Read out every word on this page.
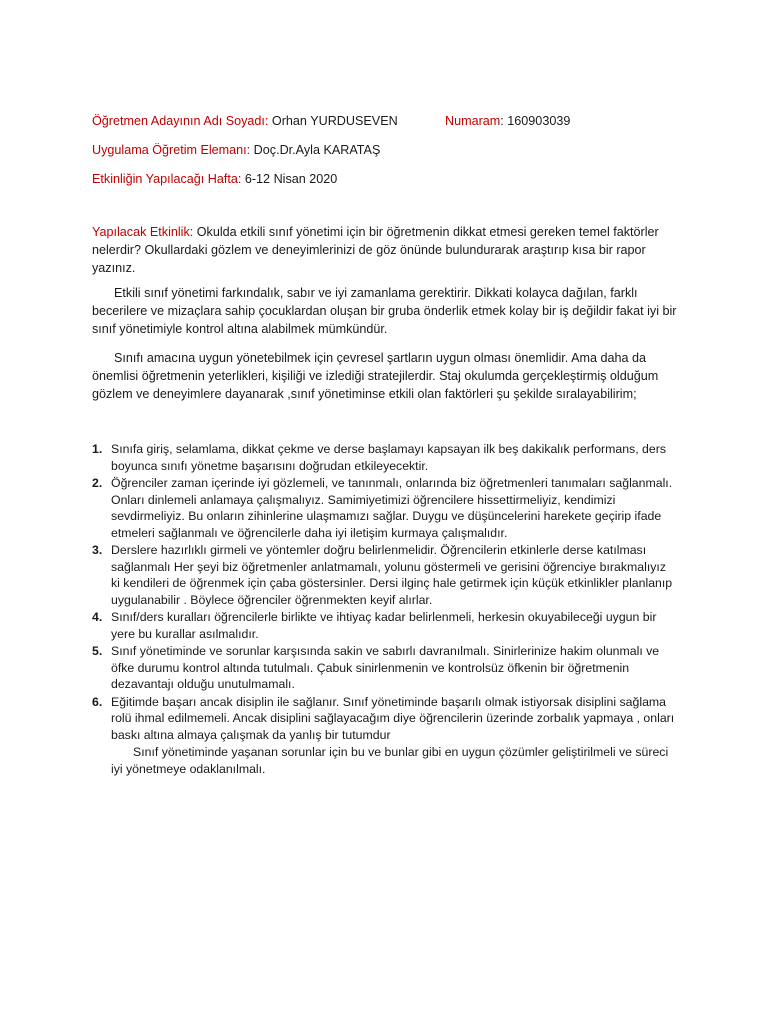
Öğretmen Adayının Adı Soyadı: Orhan YURDUSEVEN	Numaram: 160903039
Uygulama Öğretim Elemanı: Doç.Dr.Ayla KARATAŞ
Etkinliğin Yapılacağı Hafta: 6-12 Nisan 2020
Yapılacak Etkinlik: Okulda etkili sınıf yönetimi için bir öğretmenin dikkat etmesi gereken temel faktörler nelerdir? Okullardaki gözlem ve deneyimlerinizi de göz önünde bulundurarak araştırıp kısa bir rapor yazınız.
Etkili sınıf yönetimi farkındalık, sabır ve iyi zamanlama gerektirir. Dikkati kolayca dağılan, farklı becerilere ve mizaçlara sahip çocuklardan oluşan bir gruba önderlik etmek kolay bir iş değildir fakat iyi bir sınıf yönetimiyle kontrol altına alabilmek mümkündür.
Sınıfı amacına uygun yönetebilmek için çevresel şartların uygun olması önemlidir. Ama daha da önemlisi öğretmenin yeterlikleri, kişiliği ve izlediği stratejilerdir. Staj okulumda gerçekleştirmiş olduğum gözlem ve deneyimlere dayanarak ,sınıf yönetiminse etkili olan faktörleri şu şekilde sıralayabilirim;
1. Sınıfa giriş, selamlama, dikkat çekme ve derse başlamayı kapsayan ilk beş dakikalık performans, ders boyunca sınıfı yönetme başarısını doğrudan etkileyecektir.
2. Öğrenciler zaman içerinde iyi gözlemeli, ve tanınmalı, onlarında biz öğretmenleri tanımaları sağlanmalı. Onları dinlemeli anlamaya çalışmalıyız. Samimiyetimizi öğrencilere hissettirmeliyiz, kendimizi sevdirmeliyiz. Bu onların zihinlerine ulaşmamızı sağlar. Duygu ve düşüncelerini harekete geçirip ifade etmeleri sağlanmalı ve öğrencilerle daha iyi iletişim kurmaya çalışmalıdır.
3. Derslere hazırlıklı girmeli ve yöntemler doğru belirlenmelidir. Öğrencilerin etkinlerle derse katılması sağlanmalı Her şeyi biz öğretmenler anlatmamalı, yolunu göstermeli ve gerisini öğrenciye bırakmalıyız ki kendileri de öğrenmek için çaba göstersinler. Dersi ilginç hale getirmek için küçük etkinlikler planlanıp uygulanabilir . Böylece öğrenciler öğrenmekten keyif alırlar.
4. Sınıf/ders kuralları öğrencilerle birlikte ve ihtiyaç kadar belirlenmeli, herkesin okuyabileceği uygun bir yere bu kurallar asılmalıdır.
5. Sınıf yönetiminde ve sorunlar karşısında sakin ve sabırlı davranılmalı. Sinirlerinize hakim olunmalı ve öfke durumu kontrol altında tutulmalı. Çabuk sinirlenmenin ve kontrolsüz öfkenin bir öğretmenin dezavantajı olduğu unutulmamalı.
6. Eğitimde başarı ancak disiplin ile sağlanır. Sınıf yönetiminde başarılı olmak istiyorsak disiplini sağlama rolü ihmal edilmemeli. Ancak disiplini sağlayacağım diye öğrencilerin üzerinde zorbalık yapmaya , onları baskı altına almaya çalışmak da yanlış bir tutumdur
Sınıf yönetiminde yaşanan sorunlar için bu ve bunlar gibi en uygun çözümler geliştirilmeli ve süreci iyi yönetmeye odaklanılmalı.
